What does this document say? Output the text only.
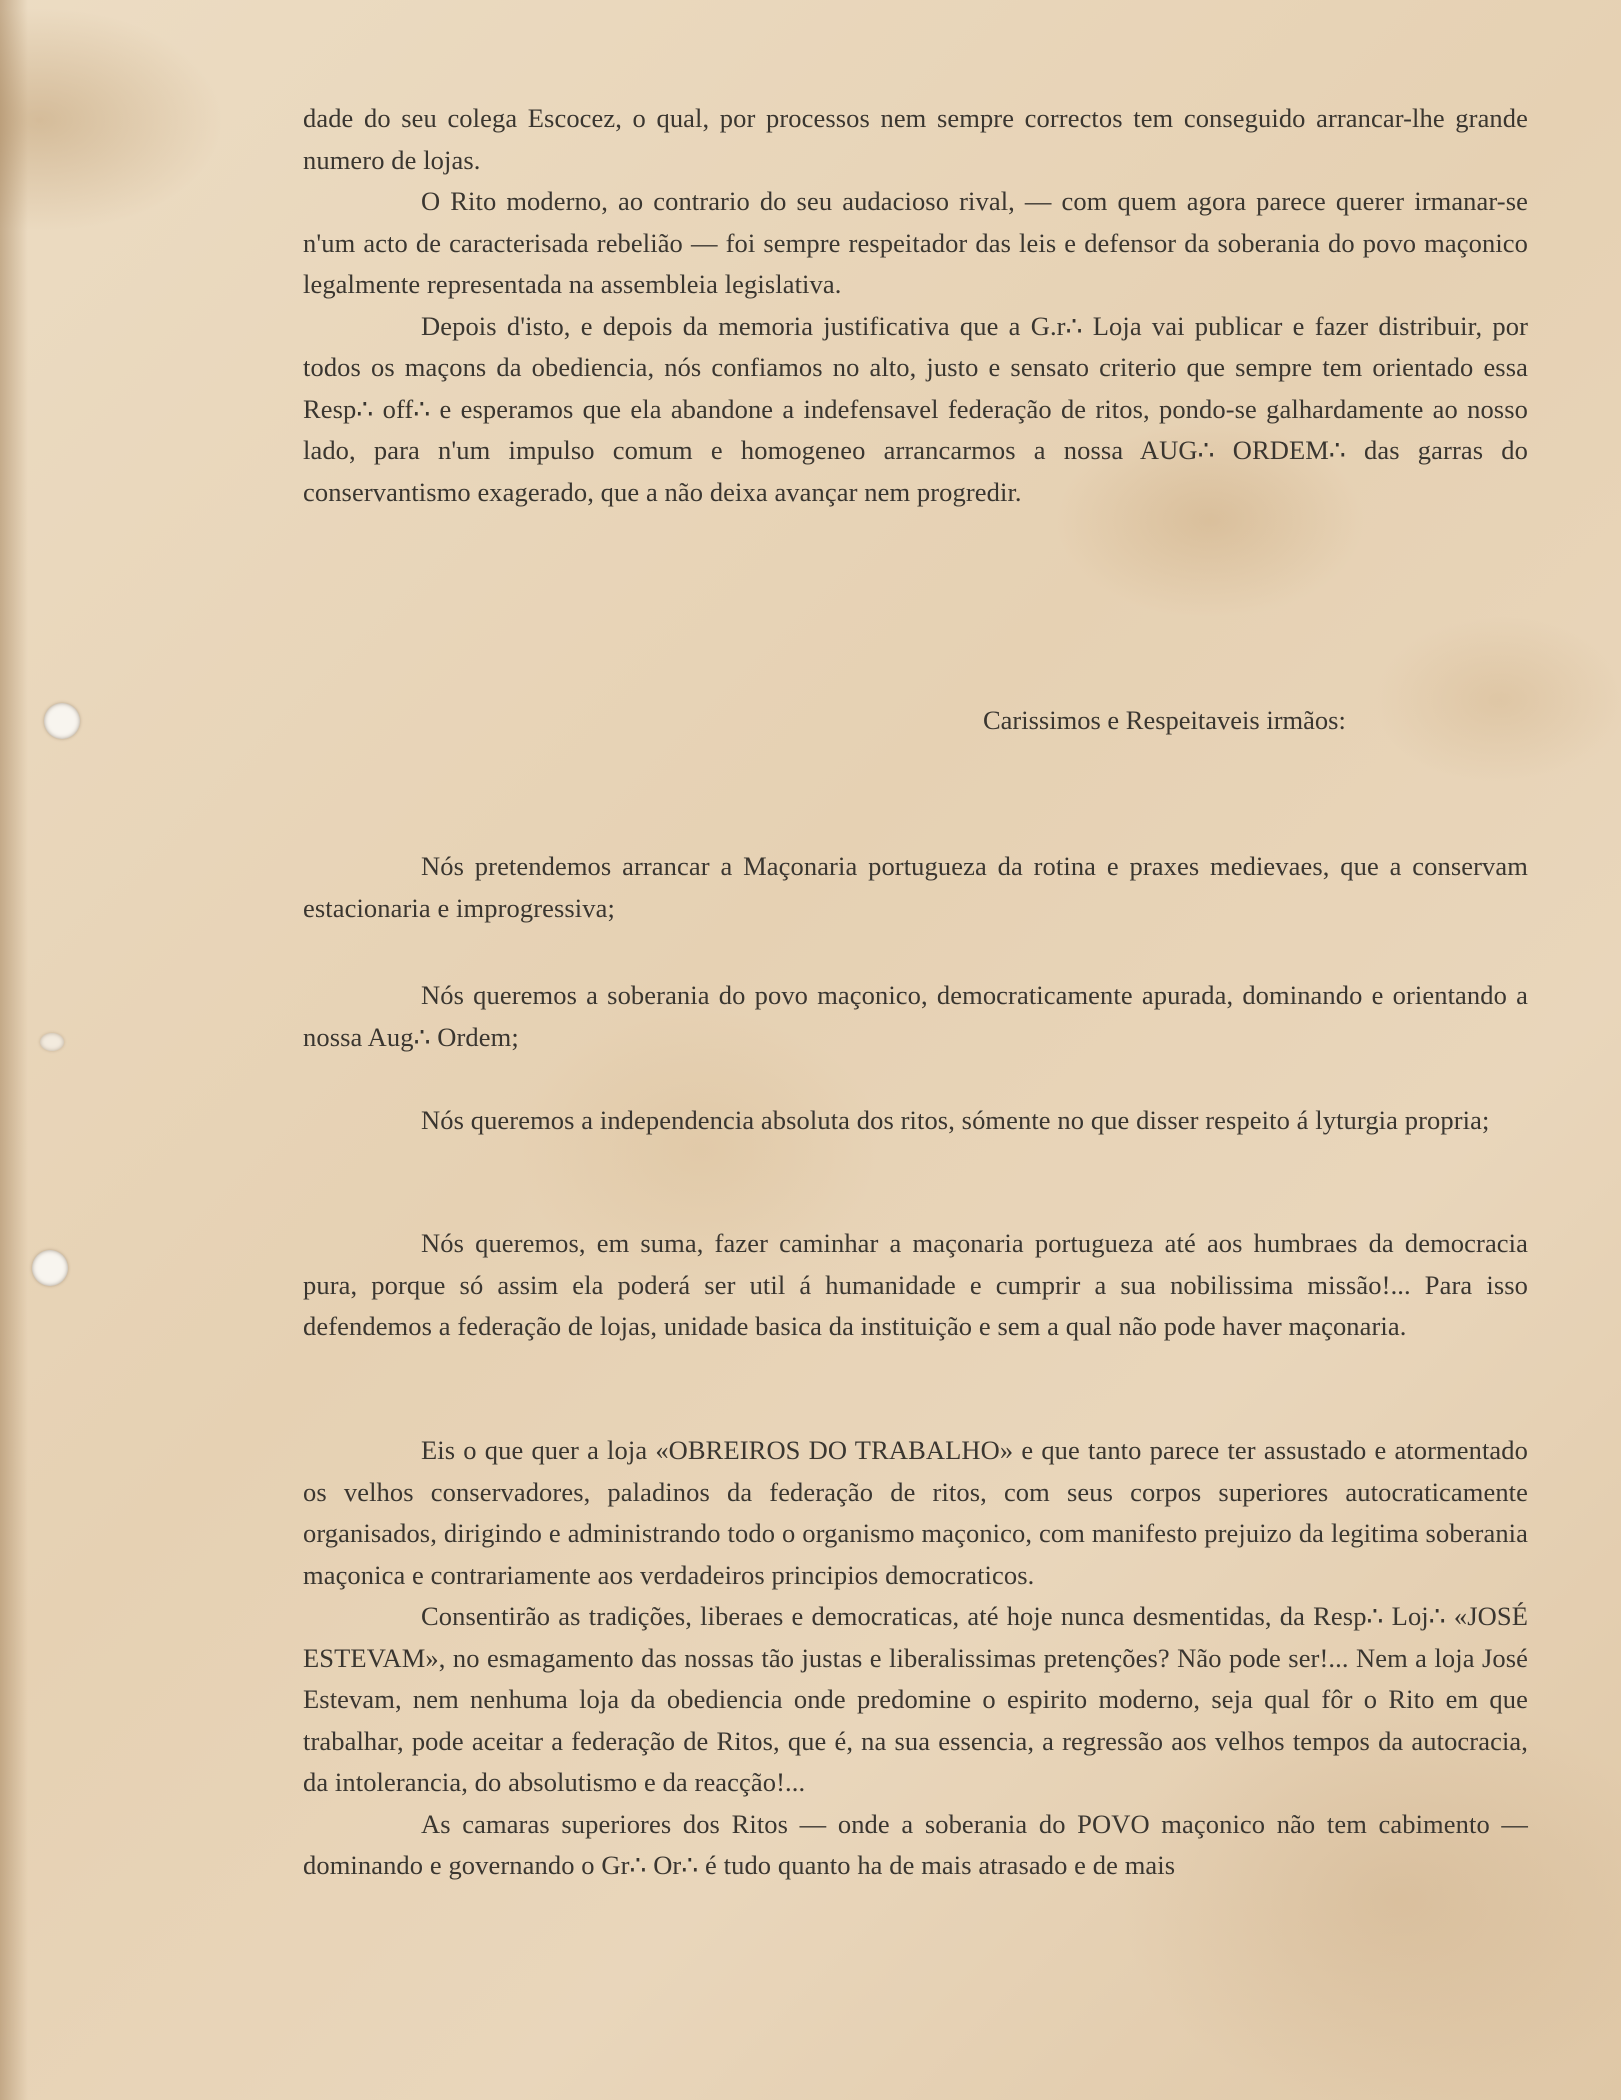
dade do seu colega Escocez, o qual, por processos nem sempre correctos tem conseguido arrancar-lhe grande numero de lojas.

O Rito moderno, ao contrario do seu audacioso rival, — com quem agora parece querer irmanar-se n'um acto de caracterisada rebelião — foi sempre respeitador das leis e defensor da soberania do povo maçonico legalmente representada na assembleia legislativa.

Depois d'isto, e depois da memoria justificativa que a G.r∴ Loja vai publicar e fazer distribuir, por todos os maçons da obediencia, nós confiamos no alto, justo e sensato criterio que sempre tem orientado essa Resp∴ off∴ e esperamos que ela abandone a indefensavel federação de ritos, pondo-se galhardamente ao nosso lado, para n'um impulso comum e homogeneo arrancarmos a nossa AUG∴ ORDEM∴ das garras do conservantismo exagerado, que a não deixa avançar nem progredir.

Carissimos e Respeitaveis irmãos:

Nós pretendemos arrancar a Maçonaria portugueza da rotina e praxes medievaes, que a conservam estacionaria e improgressiva;

Nós queremos a soberania do povo maçonico, democraticamente apurada, dominando e orientando a nossa Aug∴ Ordem;

Nós queremos a independencia absoluta dos ritos, sómente no que disser respeito á lyturgia propria;

Nós queremos, em suma, fazer caminhar a maçonaria portugueza até aos humbraes da democracia pura, porque só assim ela poderá ser util á humanidade e cumprir a sua nobilissima missão!... Para isso defendemos a federação de lojas, unidade basica da instituição e sem a qual não pode haver maçonaria.

Eis o que quer a loja «OBREIROS DO TRABALHO» e que tanto parece ter assustado e atormentado os velhos conservadores, paladinos da federação de ritos, com seus corpos superiores autocraticamente organisados, dirigindo e administrando todo o organismo maçonico, com manifesto prejuizo da legitima soberania maçonica e contrariamente aos verdadeiros principios democraticos.

Consentirão as tradições, liberaes e democraticas, até hoje nunca desmentidas, da Resp∴ Loj∴ «JOSÉ ESTEVAM», no esmagamento das nossas tão justas e liberalissimas pretenções? Não pode ser!... Nem a loja José Estevam, nem nenhuma loja da obediencia onde predomine o espirito moderno, seja qual fôr o Rito em que trabalhar, pode aceitar a federação de Ritos, que é, na sua essencia, a regressão aos velhos tempos da autocracia, da intolerancia, do absolutismo e da reacção!...

As camaras superiores dos Ritos — onde a soberania do POVO maçonico não tem cabimento — dominando e governando o Gr∴ Or∴ é tudo quanto ha de mais atrasado e de mais
